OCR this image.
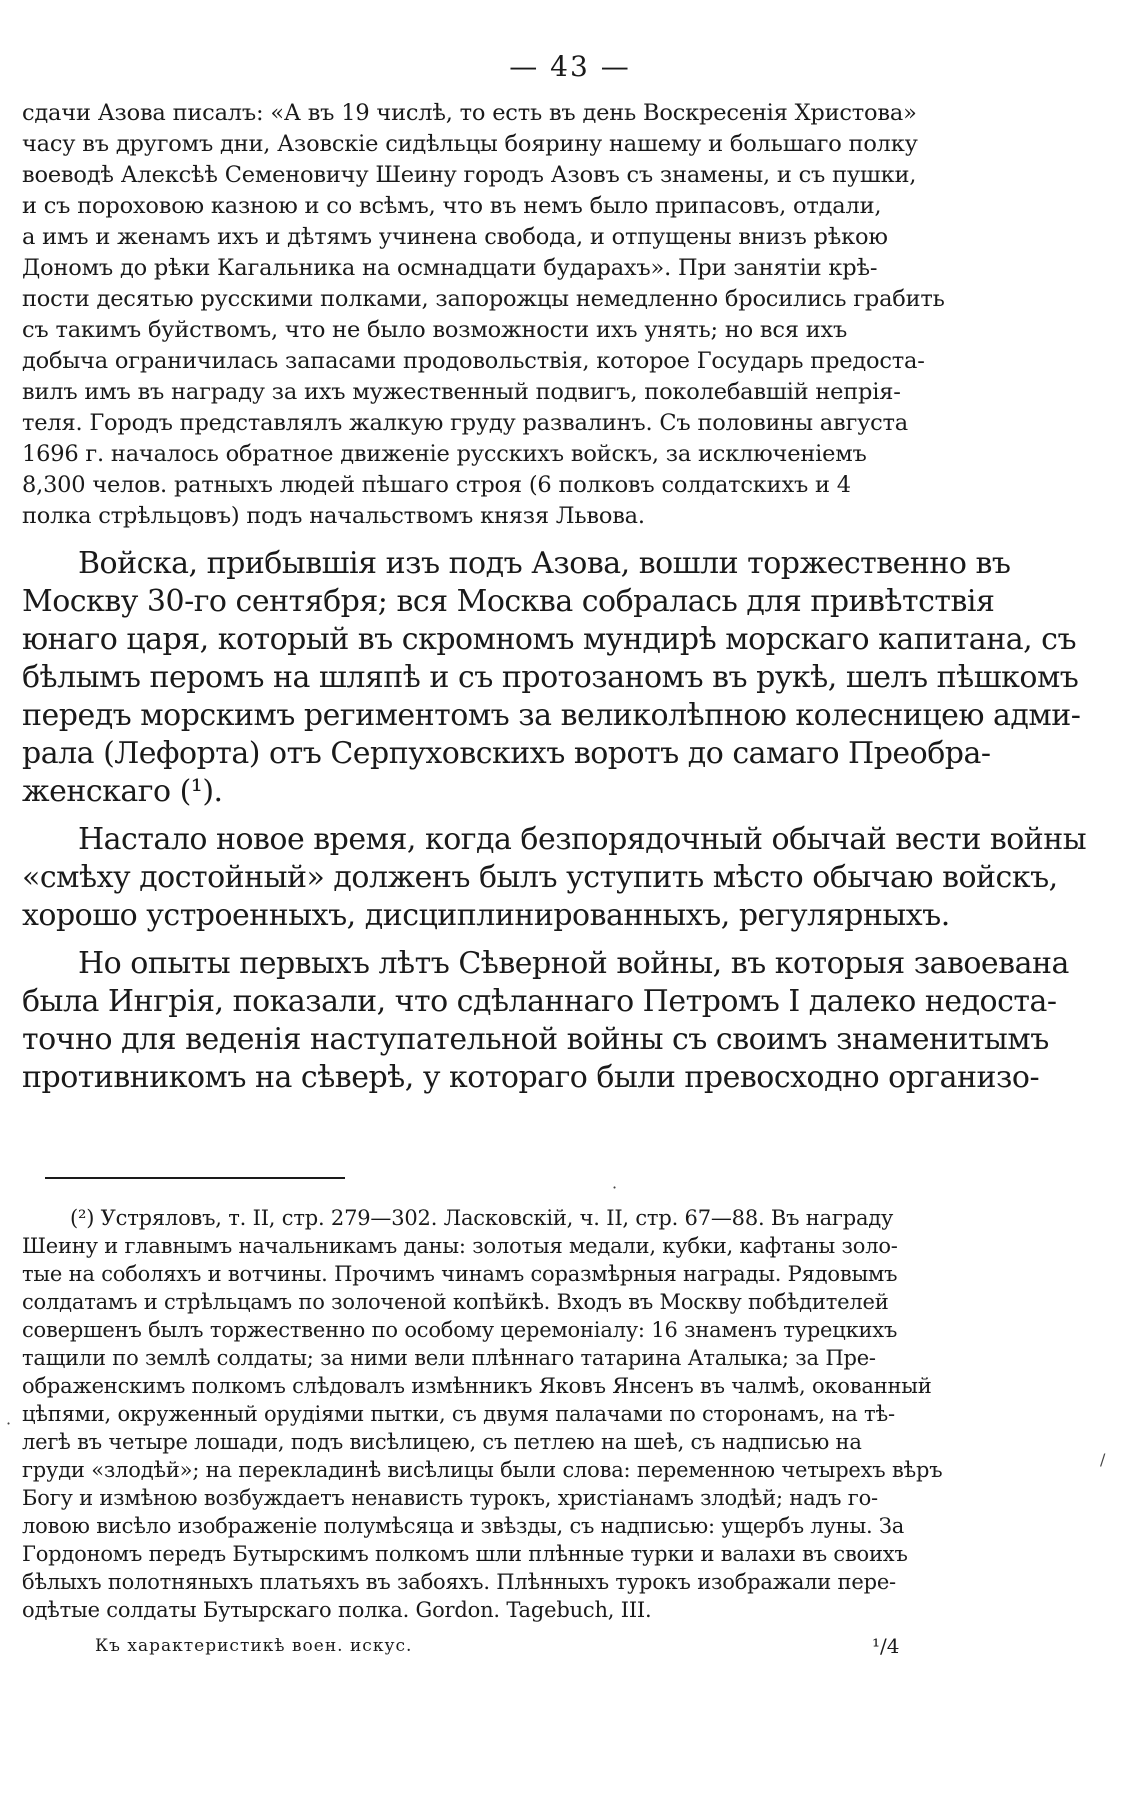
— 43 —
сдачи Азова писалъ: «А въ 19 числѣ, то есть въ день Воскресенія Христова»
часу въ другомъ дни, Азовскіе сидѣльцы боярину нашему и большаго полку
воеводѣ Алексѣѣ Семеновичу Шеину городъ Азовъ съ знамены, и съ пушки,
и съ пороховою казною и со всѣмъ, что въ немъ было припасовъ, отдали,
а имъ и женамъ ихъ и дѣтямъ учинена свобода, и отпущены внизъ рѣкою
Дономъ до рѣки Кагальника на осмнадцати бударахъ». При занятіи крѣ-
пости десятью русскими полками, запорожцы немедленно бросились грабить
съ такимъ буйствомъ, что не было возможности ихъ унять; но вся ихъ
добыча ограничилась запасами продовольствія, которое Государь предоста-
вилъ имъ въ награду за ихъ мужественный подвигъ, поколебавшій непрія-
теля. Городъ представлялъ жалкую груду развалинъ. Съ половины августа
1696 г. началось обратное движеніе русскихъ войскъ, за исключеніемъ
8,300 челов. ратныхъ людей пѣшаго строя (6 полковъ солдатскихъ и 4
полка стрѣльцовъ) подъ начальствомъ князя Львова.
Войска, прибывшія изъ подъ Азова, вошли торжественно въ
Москву 30-го сентября; вся Москва собралась для привѣтствія
юнаго царя, который въ скромномъ мундирѣ морскаго капитана, съ
бѣлымъ перомъ на шляпѣ и съ протозаномъ въ рукѣ, шелъ пѣшкомъ
передъ морскимъ региментомъ за великолѣпною колесницею адми-
рала (Лефорта) отъ Серпуховскихъ воротъ до самаго Преобра-
женскаго (¹).
Настало новое время, когда безпорядочный обычай вести войны
«смѣху достойный» долженъ былъ уступить мѣсто обычаю войскъ,
хорошо устроенныхъ, дисциплинированныхъ, регулярныхъ.
Но опыты первыхъ лѣтъ Сѣверной войны, въ которыя завоевана
была Ингрія, показали, что сдѣланнаго Петромъ I далеко недоста-
точно для веденія наступательной войны съ своимъ знаменитымъ
противникомъ на сѣверѣ, у котораго были превосходно организо-
(²) Устряловъ, т. II, стр. 279—302. Ласковскій, ч. II, стр. 67—88. Въ награду
Шеину и главнымъ начальникамъ даны: золотыя медали, кубки, кафтаны золо-
тые на соболяхъ и вотчины. Прочимъ чинамъ соразмѣрныя награды. Рядовымъ
солдатамъ и стрѣльцамъ по золоченой копѣйкѣ. Входъ въ Москву побѣдителей
совершенъ былъ торжественно по особому церемоніалу: 16 знаменъ турецкихъ
тащили по землѣ солдаты; за ними вели плѣннаго татарина Аталыка; за Пре-
ображенскимъ полкомъ слѣдовалъ измѣнникъ Яковъ Янсенъ въ чалмѣ, окованный
цѣпями, окруженный орудіями пытки, съ двумя палачами по сторонамъ, на тѣ-
легѣ въ четыре лошади, подъ висѣлицею, съ петлею на шеѣ, съ надписью на
груди «злодѣй»; на перекладинѣ висѣлицы были слова: переменною четырехъ вѣръ
Богу и измѣною возбуждаетъ ненависть турокъ, христіанамъ злодѣй; надъ го-
ловою висѣло изображеніе полумѣсяца и звѣзды, съ надписью: ущербъ луны. За
Гордономъ передъ Бутырскимъ полкомъ шли плѣнные турки и валахи въ своихъ
бѣлыхъ полотняныхъ платьяхъ въ забояхъ. Плѣнныхъ турокъ изображали пере-
одѣтые солдаты Бутырскаго полка. Gordon. Tagebuch, III.
Къ характеристикѣ воен. искус.	¹/4
·
·
/
